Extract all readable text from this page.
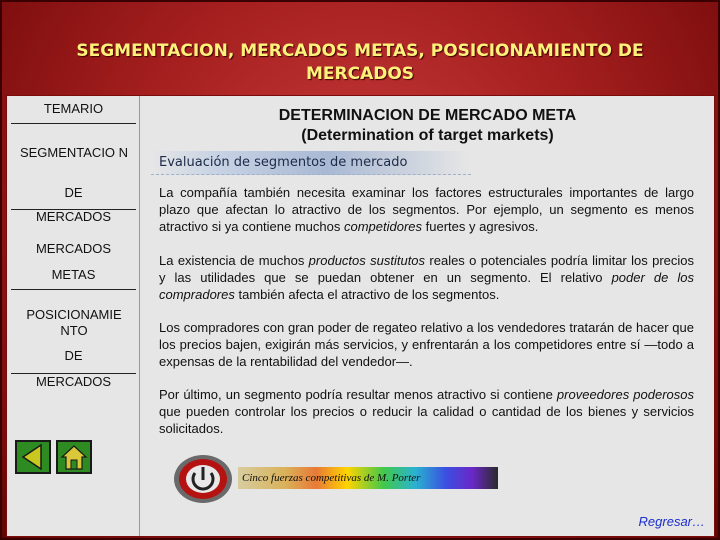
SEGMENTACION, MERCADOS METAS, POSICIONAMIENTO DE
MERCADOS
TEMARIO
SEGMENTACIO N
DE
MERCADOS
MERCADOS
METAS
POSICIONAMIE NTO
DE
MERCADOS
DETERMINACION DE MERCADO META
(Determination of target markets)
Evaluación de segmentos de mercado
La compañía también necesita examinar los factores estructurales importantes de largo plazo que afectan lo atractivo de los segmentos. Por ejemplo, un segmento es menos atractivo si ya contiene muchos competidores fuertes y agresivos.
La existencia de muchos productos sustitutos reales o potenciales podría limitar los precios y las utilidades que se puedan obtener en un segmento. El relativo poder de los compradores también afecta el atractivo de los segmentos.
Los compradores con gran poder de regateo relativo a los vendedores tratarán de hacer que los precios bajen, exigirán más servicios, y enfrentarán a los competidores entre sí —todo a expensas de la rentabilidad del vendedor—.
Por último, un segmento podría resultar menos atractivo si contiene proveedores poderosos que pueden controlar los precios o reducir la calidad o cantidad de los bienes y servicios solicitados.
Cinco fuerzas competitivas de M. Porter
Regresar…
